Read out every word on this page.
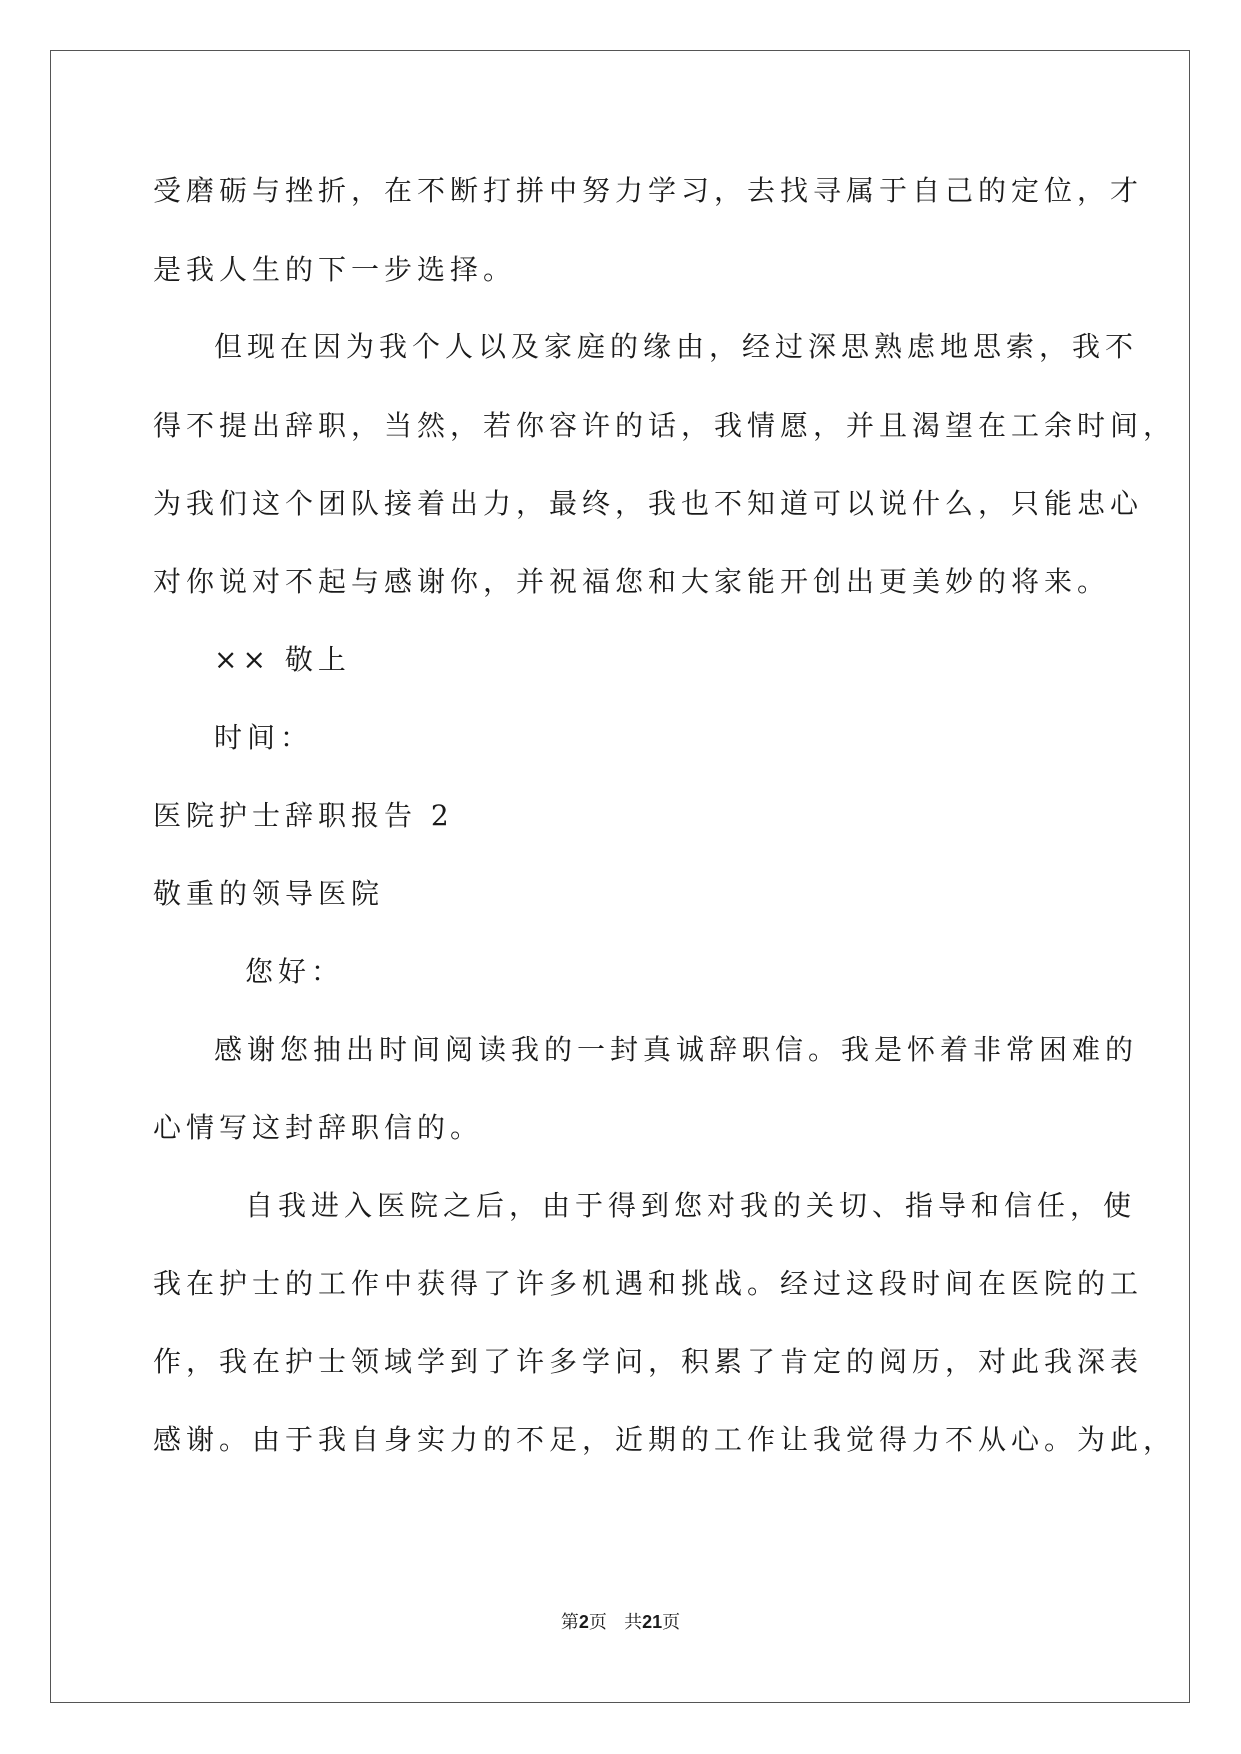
受磨砺与挫折，在不断打拼中努力学习，去找寻属于自己的定位，才

是我人生的下一步选择。

但现在因为我个人以及家庭的缘由，经过深思熟虑地思索，我不

得不提出辞职，当然，若你容许的话，我情愿，并且渴望在工余时间，

为我们这个团队接着出力，最终，我也不知道可以说什么，只能忠心

对你说对不起与感谢你，并祝福您和大家能开创出更美妙的将来。

×× 敬上

时间：

医院护士辞职报告 2

敬重的领导医院

您好：

感谢您抽出时间阅读我的一封真诚辞职信。我是怀着非常困难的

心情写这封辞职信的。

自我进入医院之后，由于得到您对我的关切、指导和信任，使

我在护士的工作中获得了许多机遇和挑战。经过这段时间在医院的工

作，我在护士领域学到了许多学问，积累了肯定的阅历，对此我深表

感谢。由于我自身实力的不足，近期的工作让我觉得力不从心。为此，

第2页 共21页
